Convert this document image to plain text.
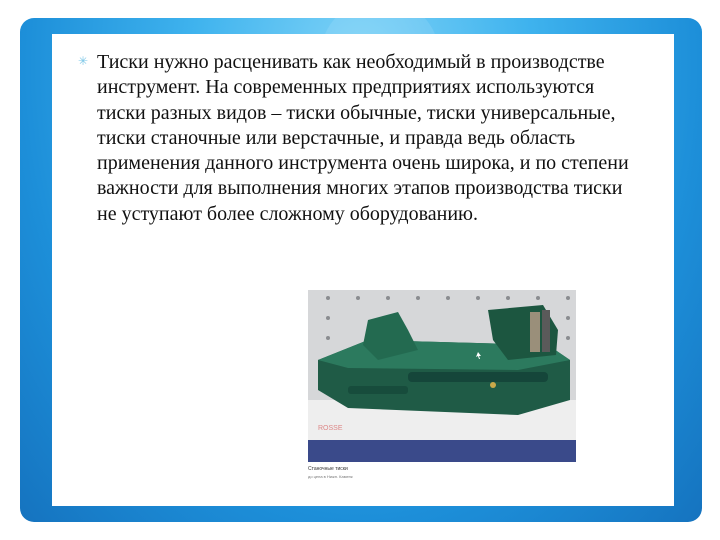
✳ Тиски нужно расценивать как необходимый в производстве инструмент. На современных предприятиях используются тиски разных видов – тиски обычные, тиски универсальные, тиски станочные или верстачные, и правда ведь область применения данного инструмента очень широка, и по степени важности для выполнения многих этапов производства тиски не уступают более сложному оборудованию.

ROSSE
Станочные тиски
до цена в Нижн. Каменк
